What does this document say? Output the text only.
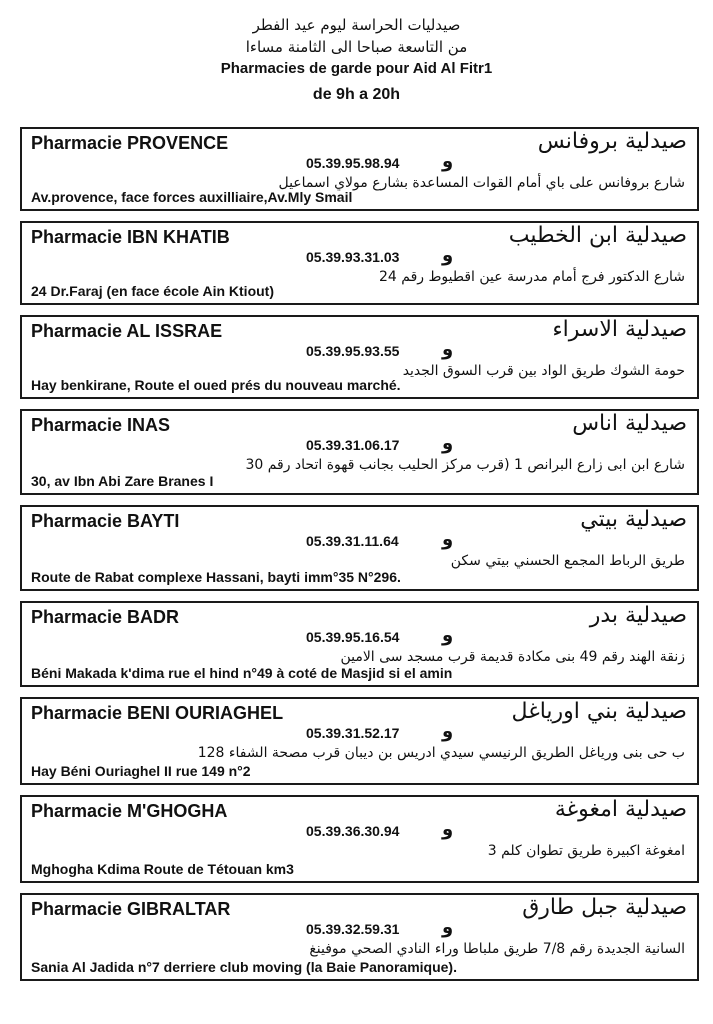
صيدليات الحراسة ليوم عيد الفطر
من التاسعة صباحا الى الثامنة مساءا
Pharmacies de garde pour Aid Al Fitr1
de 9h a 20h
Pharmacie PROVENCE	صيدلية بروفانس
05.39.95.98.94 و
شارع بروفانس على باي أمام القوات المساعدة بشارع مولاي اسماعيل
Av.provence, face forces auxilliaire,Av.Mly Smail
Pharmacie IBN KHATIB	صيدلية ابن الخطيب
05.39.93.31.03 و
شارع الدكتور فرج أمام مدرسة عين اقطيوط رقم 24
24 Dr.Faraj (en face école Ain Ktiout)
Pharmacie AL ISSRAE	صيدلية الاسراء
05.39.95.93.55 و
حومة الشوك طريق الواد بين قرب السوق الجديد
Hay benkirane, Route el oued prés du nouveau marché.
Pharmacie INAS	صيدلية اناس
05.39.31.06.17 و
شارع ابن ابى زارع البرانص 1 (قرب مركز الحليب بجانب قهوة اتحاد رقم 30
30, av Ibn Abi Zare Branes I
Pharmacie BAYTI	صيدلية بيتي
05.39.31.11.64 و
طريق الرباط المجمع الحسني بيتي سكن
Route de Rabat complexe Hassani, bayti imm°35 N°296.
Pharmacie BADR	صيدلية بدر
05.39.95.16.54 و
زنقة الهند رقم 49 بنى مكادة قديمة قرب مسجد سى الامين
Béni Makada k'dima rue el hind n°49 à coté de Masjid si el amin
Pharmacie BENI OURIAGHEL	صيدلية بني اورياغل
05.39.31.52.17 و
ب حى بنى ورياغل الطريق الرنيسي سيدي ادريس بن ديبان قرب مصحة الشفاء 128
Hay Béni Ouriaghel II rue 149 n°2
Pharmacie M'GHOGHA	صيدلية امغوغة
05.39.36.30.94 و
امغوغة اكبيرة طريق تطوان كلم 3
Mghogha Kdima Route de Tétouan km3
Pharmacie GIBRALTAR	صيدلية جبل طارق
05.39.32.59.31 و
السانية الجديدة رقم 7/8 طريق ملباطا وراء النادي الصحي موفينغ
Sania Al Jadida n°7 derriere club moving (la Baie Panoramique).
